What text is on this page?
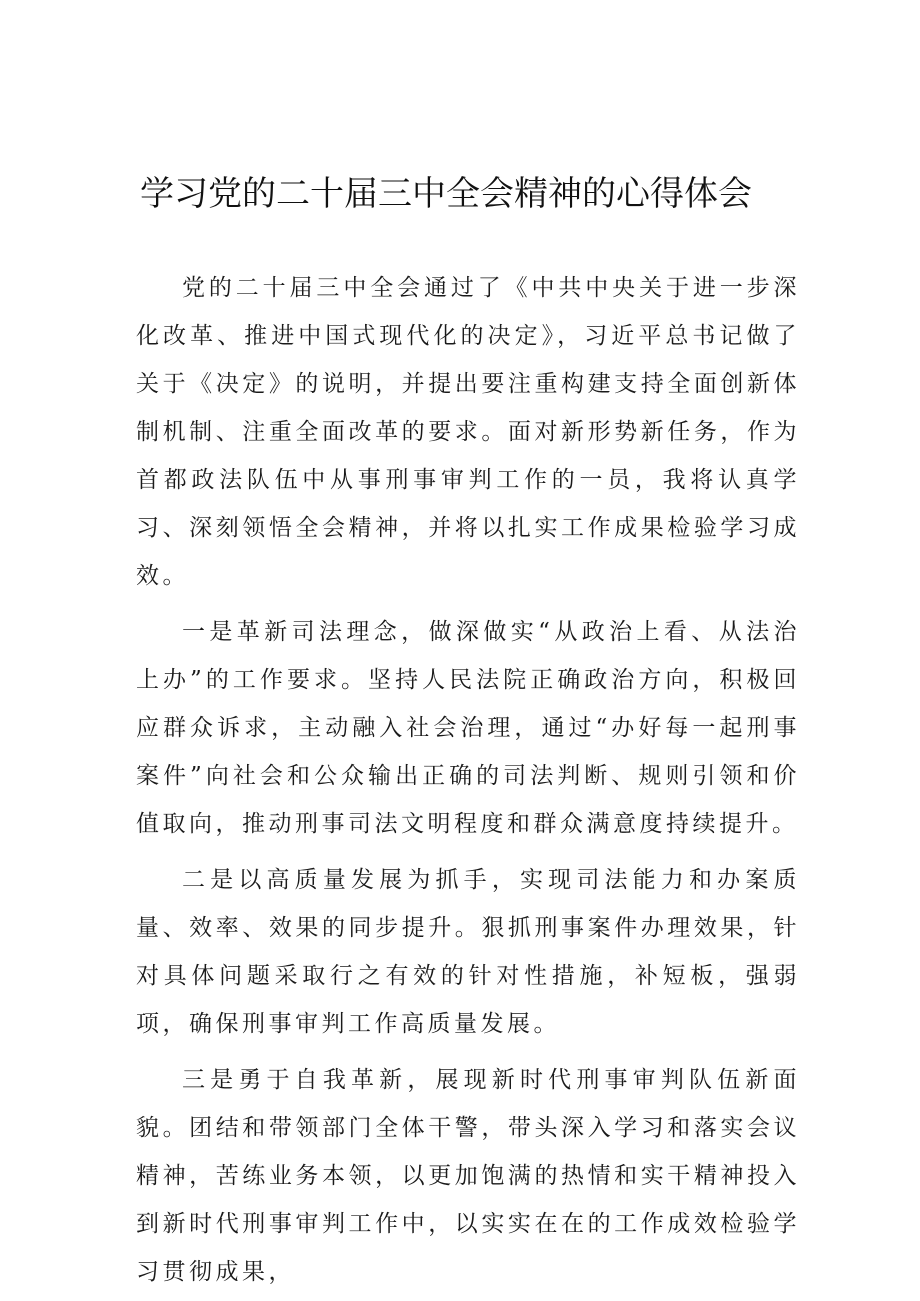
学习党的二十届三中全会精神的心得体会

党的二十届三中全会通过了《中共中央关于进一步深化改革、推进中国式现代化的决定》，习近平总书记做了关于《决定》的说明，并提出要注重构建支持全面创新体制机制、注重全面改革的要求。面对新形势新任务，作为首都政法队伍中从事刑事审判工作的一员，我将认真学习、深刻领悟全会精神，并将以扎实工作成果检验学习成效。

一是革新司法理念，做深做实“从政治上看、从法治上办”的工作要求。坚持人民法院正确政治方向，积极回应群众诉求，主动融入社会治理，通过“办好每一起刑事案件”向社会和公众输出正确的司法判断、规则引领和价值取向，推动刑事司法文明程度和群众满意度持续提升。

二是以高质量发展为抓手，实现司法能力和办案质量、效率、效果的同步提升。狠抓刑事案件办理效果，针对具体问题采取行之有效的针对性措施，补短板，强弱项，确保刑事审判工作高质量发展。

三是勇于自我革新，展现新时代刑事审判队伍新面貌。团结和带领部门全体干警，带头深入学习和落实会议精神，苦练业务本领，以更加饱满的热情和实干精神投入到新时代刑事审判工作中，以实实在在的工作成效检验学习贯彻成果，
